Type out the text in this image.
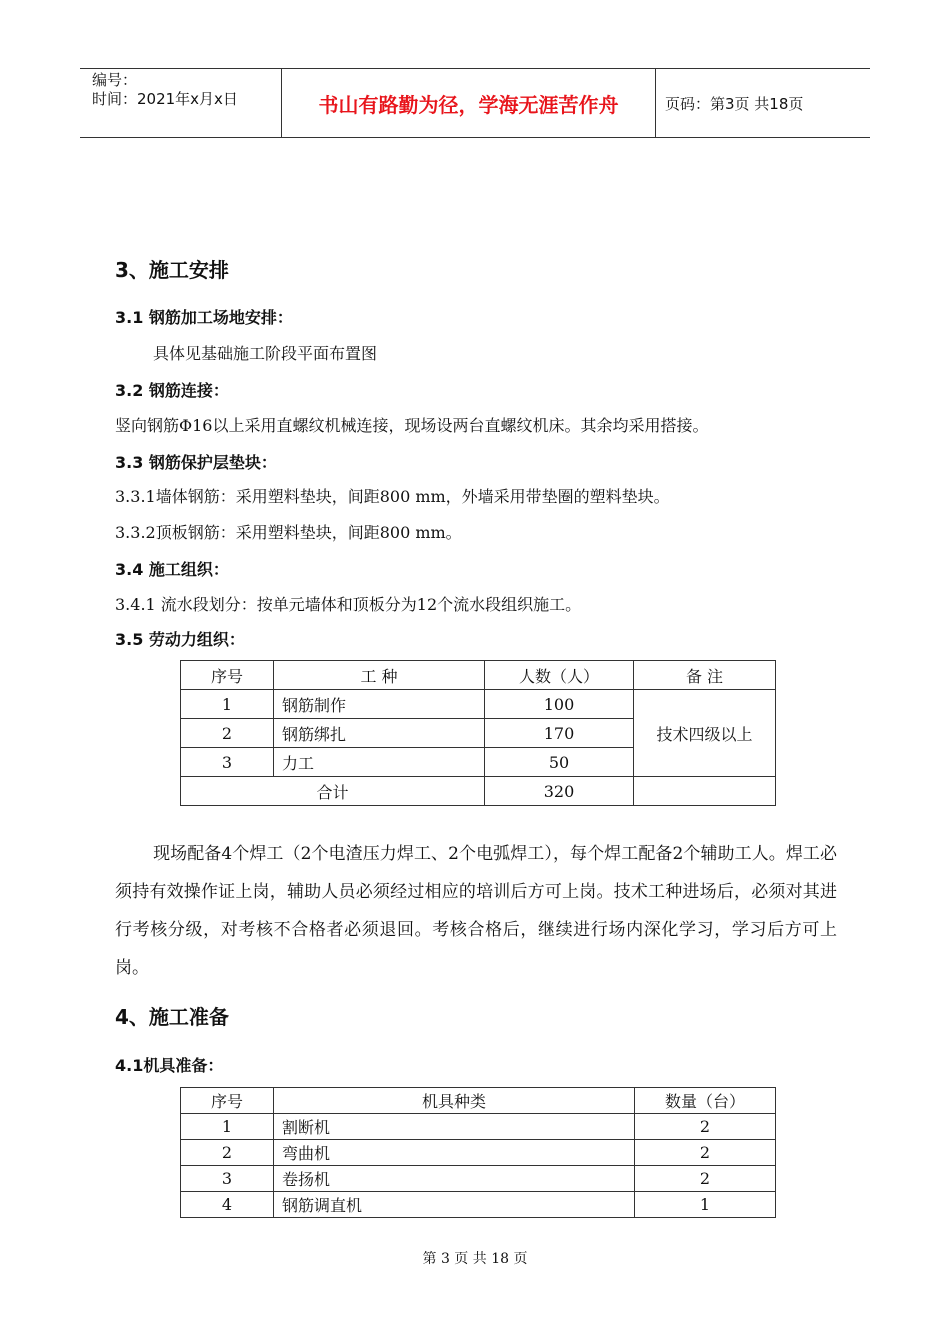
编号：
时间：2021年x月x日	书山有路勤为径，学海无涯苦作舟	页码：第3页 共18页
3、施工安排
3.1 钢筋加工场地安排：
具体见基础施工阶段平面布置图
3.2 钢筋连接：
竖向钢筋Φ16以上采用直螺纹机械连接，现场设两台直螺纹机床。其余均采用搭接。
3.3 钢筋保护层垫块：
3.3.1墙体钢筋：采用塑料垫块，间距800 mm，外墙采用带垫圈的塑料垫块。
3.3.2顶板钢筋：采用塑料垫块，间距800 mm。
3.4 施工组织：
3.4.1 流水段划分：按单元墙体和顶板分为12个流水段组织施工。
3.5 劳动力组织：
序号	工 种	人数（人）	备 注
1	钢筋制作	100	技术四级以上
2	钢筋绑扎	170	
3	力工	50	
合计		320	
现场配备4个焊工（2个电渣压力焊工、2个电弧焊工），每个焊工配备2个辅助工人。焊工必须持有效操作证上岗，辅助人员必须经过相应的培训后方可上岗。技术工种进场后，必须对其进行考核分级，对考核不合格者必须退回。考核合格后，继续进行场内深化学习，学习后方可上岗。
4、施工准备
4.1机具准备：
序号	机具种类	数量（台）
1	割断机	2
2	弯曲机	2
3	卷扬机	2
4	钢筋调直机	1
第 3 页 共 18 页
